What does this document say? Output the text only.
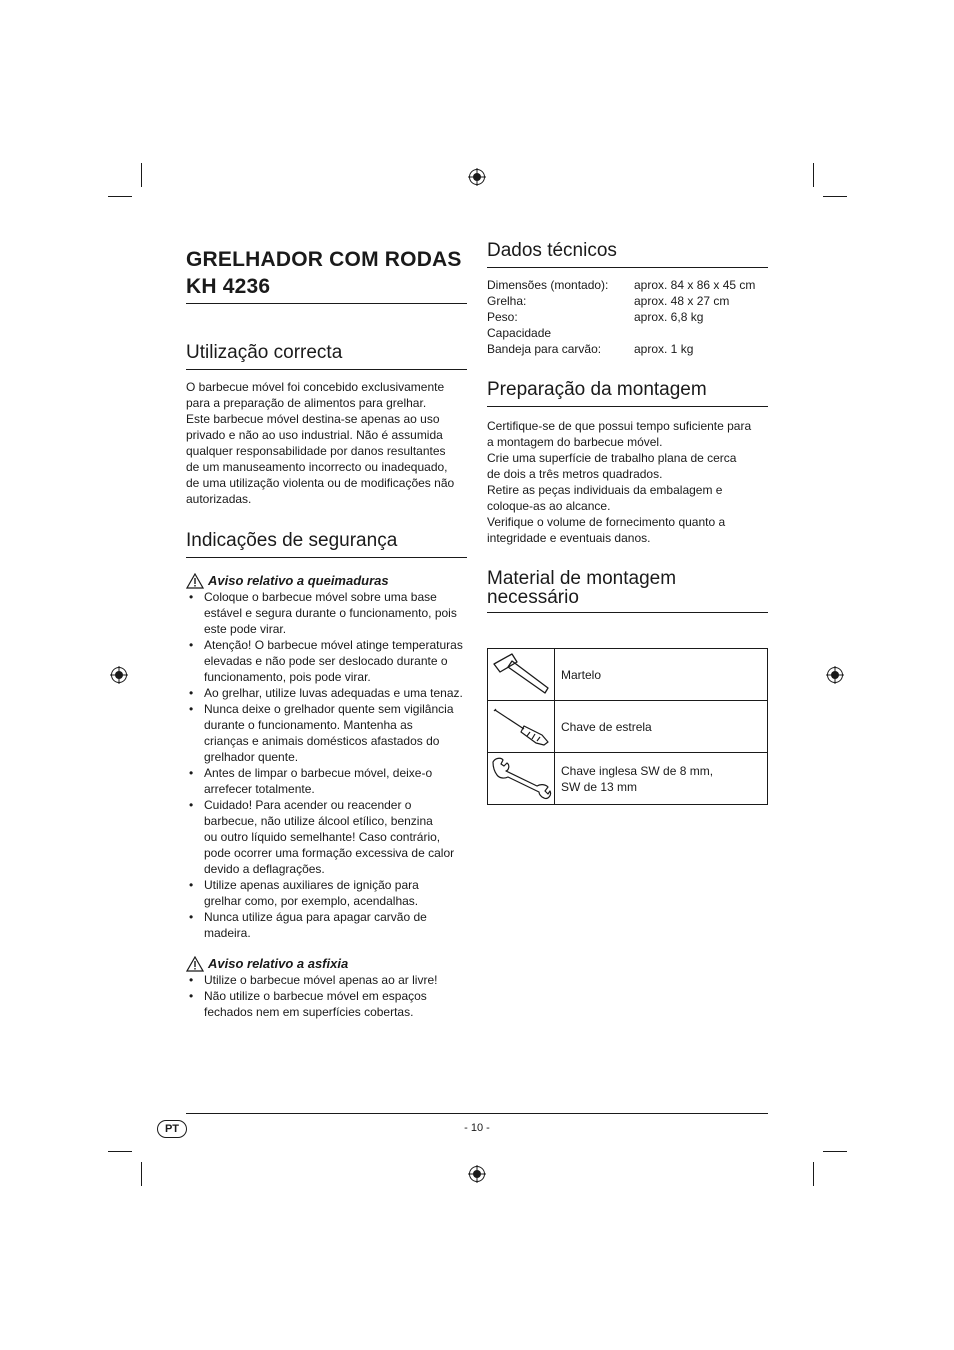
GRELHADOR COM RODAS
KH 4236
Utilização correcta
O barbecue móvel foi concebido exclusivamente
para a preparação de alimentos para grelhar.
Este barbecue móvel destina-se apenas ao uso
privado e não ao uso industrial. Não é assumida
qualquer responsabilidade por danos resultantes
de um manuseamento incorrecto ou inadequado,
de uma utilização violenta ou de modificações não
autorizadas.
Indicações de segurança
Aviso relativo a queimaduras
• Coloque o barbecue móvel sobre uma base
estável e segura durante o funcionamento, pois
este pode virar.
• Atenção! O barbecue móvel atinge temperaturas
elevadas e não pode ser deslocado durante o
funcionamento, pois pode virar.
• Ao grelhar, utilize luvas adequadas e uma tenaz.
• Nunca deixe o grelhador quente sem vigilância
durante o funcionamento. Mantenha as
crianças e animais domésticos afastados do
grelhador quente.
• Antes de limpar o barbecue móvel, deixe-o
arrefecer totalmente.
• Cuidado! Para acender ou reacender o
barbecue, não utilize álcool etílico, benzina
ou outro líquido semelhante! Caso contrário,
pode ocorrer uma formação excessiva de calor
devido a deflagrações.
• Utilize apenas auxiliares de ignição para
grelhar como, por exemplo, acendalhas.
• Nunca utilize água para apagar carvão de
madeira.
Aviso relativo a asfixia
• Utilize o barbecue móvel apenas ao ar livre!
• Não utilize o barbecue móvel em espaços
fechados nem em superfícies cobertas.
Dados técnicos
Dimensões (montado):	aprox. 84 x 86 x 45 cm
Grelha:	aprox. 48 x 27 cm
Peso:	aprox. 6,8 kg
Capacidade	
Bandeja para carvão:	aprox. 1 kg
Preparação da montagem
Certifique-se de que possui tempo suficiente para
a montagem do barbecue móvel.
Crie uma superfície de trabalho plana de cerca
de dois a três metros quadrados.
Retire as peças individuais da embalagem e
coloque-as ao alcance.
Verifique o volume de fornecimento quanto a
integridade e eventuais danos.
Material de montagem
necessário

Martelo

Chave de estrela

Chave inglesa SW de 8 mm,
SW de 13 mm
PT	- 10 -
